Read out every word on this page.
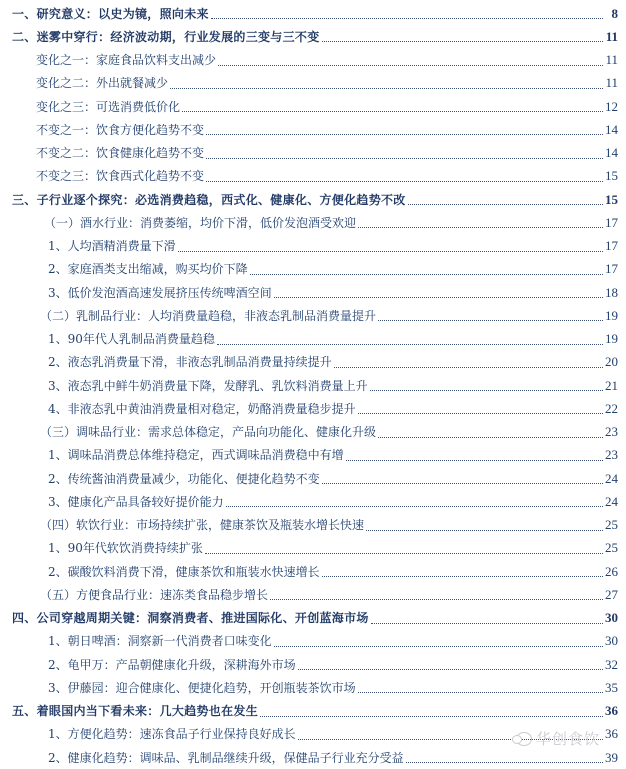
一、研究意义：以史为镜，照向未来	8
二、迷雾中穿行：经济波动期，行业发展的三变与三不变	11
变化之一：家庭食品饮料支出减少	11
变化之二：外出就餐减少	11
变化之三：可选消费低价化	12
不变之一：饮食方便化趋势不变	14
不变之二：饮食健康化趋势不变	14
不变之三：饮食西式化趋势不变	15
三、子行业逐个探究：必选消费趋稳，西式化、健康化、方便化趋势不改	15
（一）酒水行业：消费萎缩，均价下滑，低价发泡酒受欢迎	17
1、人均酒精消费量下滑	17
2、家庭酒类支出缩减，购买均价下降	17
3、低价发泡酒高速发展挤压传统啤酒空间	18
（二）乳制品行业：人均消费量趋稳，非液态乳制品消费量提升	19
1、90年代人乳制品消费量趋稳	19
2、液态乳消费量下滑，非液态乳制品消费量持续提升	20
3、液态乳中鲜牛奶消费量下降，发酵乳、乳饮料消费量上升	21
4、非液态乳中黄油消费量相对稳定，奶酪消费量稳步提升	22
（三）调味品行业：需求总体稳定，产品向功能化、健康化升级	23
1、调味品消费总体维持稳定，西式调味品消费稳中有增	23
2、传统酱油消费量减少，功能化、便捷化趋势不变	24
3、健康化产品具备较好提价能力	24
（四）软饮行业：市场持续扩张，健康茶饮及瓶装水增长快速	25
1、90年代软饮消费持续扩张	25
2、碳酸饮料消费下滑，健康茶饮和瓶装水快速增长	26
（五）方便食品行业：速冻类食品稳步增长	27
四、公司穿越周期关键：洞察消费者、推进国际化、开创蓝海市场	30
1、朝日啤酒：洞察新一代消费者口味变化	30
2、龟甲万：产品朝健康化升级，深耕海外市场	32
3、伊藤园：迎合健康化、便捷化趋势，开创瓶装茶饮市场	35
五、着眼国内当下看未来：几大趋势也在发生	36
1、方便化趋势：速冻食品子行业保持良好成长	36
2、健康化趋势：调味品、乳制品继续升级，保健品子行业充分受益	39
华创食饮
